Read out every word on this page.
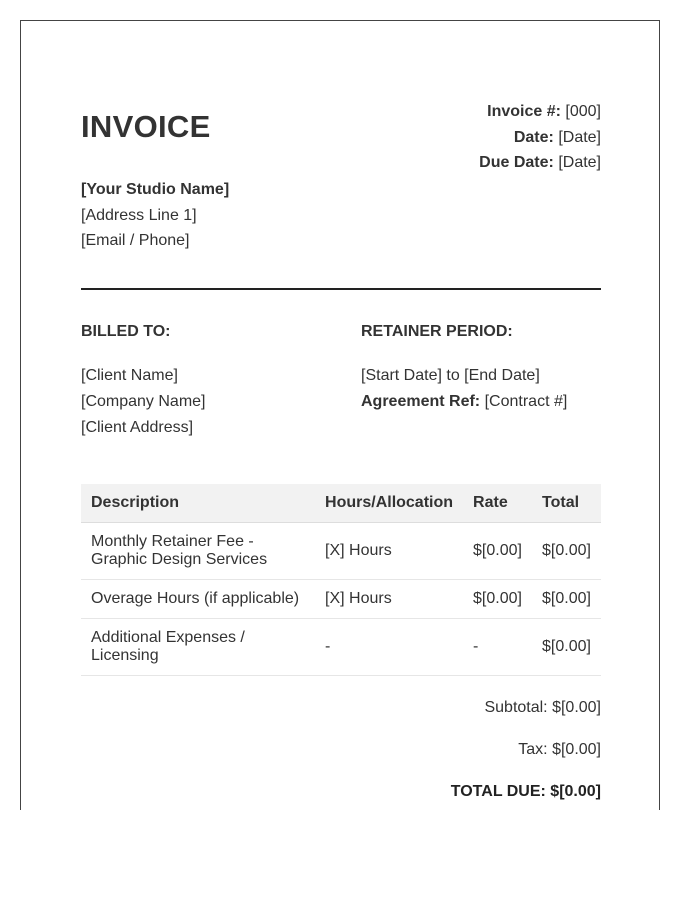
INVOICE	Invoice #: [000]
Date: [Date]
Due Date: [Date]
[Your Studio Name]
[Address Line 1]
[Email / Phone]
BILLED TO:
[Client Name]
[Company Name]
[Client Address]
RETAINER PERIOD:
[Start Date] to [End Date]
Agreement Ref: [Contract #]
Description	Hours/Allocation	Rate	Total
Monthly Retainer Fee - Graphic Design Services	[X] Hours	$[0.00]	$[0.00]
Overage Hours (if applicable)	[X] Hours	$[0.00]	$[0.00]
Additional Expenses / Licensing	-	-	$[0.00]
Subtotal: $[0.00]
Tax: $[0.00]
TOTAL DUE: $[0.00]
